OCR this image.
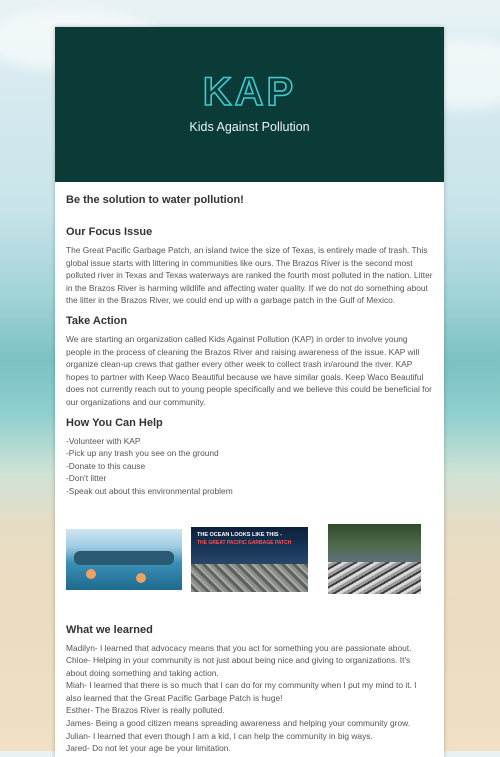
KAP
Kids Against Pollution
Be the solution to water pollution!
Our Focus Issue

The Great Pacific Garbage Patch, an island twice the size of Texas, is entirely made of trash. This global issue starts with littering in communities like ours. The Brazos River is the second most polluted river in Texas and Texas waterways are ranked the fourth most polluted in the nation. Litter in the Brazos River is harming wildlife and affecting water quality. If we do not do something about the litter in the Brazos River, we could end up with a garbage patch in the Gulf of Mexico.

Take Action

We are starting an organization called Kids Against Pollution (KAP) in order to involve young people in the process of cleaning the Brazos River and raising awareness of the issue. KAP will organize clean-up crews that gather every other week to collect trash in/around the river. KAP hopes to partner with Keep Waco Beautiful because we have similar goals. Keep Waco Beautiful does not currently reach out to young people specifically and we believe this could be beneficial for our organizations and our community.

How You Can Help
-Volunteer with KAP
-Pick up any trash you see on the ground
-Donate to this cause
-Don't litter
-Speak out about this environmental problem
THE OCEAN LOOKS LIKE THIS -
THE GREAT PACIFIC GARBAGE PATCH
What we learned

Madilyn- I learned that advocacy means that you act for something you are passionate about.

Chloe- Helping in your community is not just about being nice and giving to organizations. It's about doing something and taking action.

Miah- I learned that there is so much that I can do for my community when I put my mind to it. I also learned that the Great Pacific Garbage Patch is huge!

Esther- The Brazos River is really polluted.

James- Being a good citizen means spreading awareness and helping your community grow.

Julian- I learned that even though I am a kid, I can help the community in big ways.

Jared- Do not let your age be your limitation.
